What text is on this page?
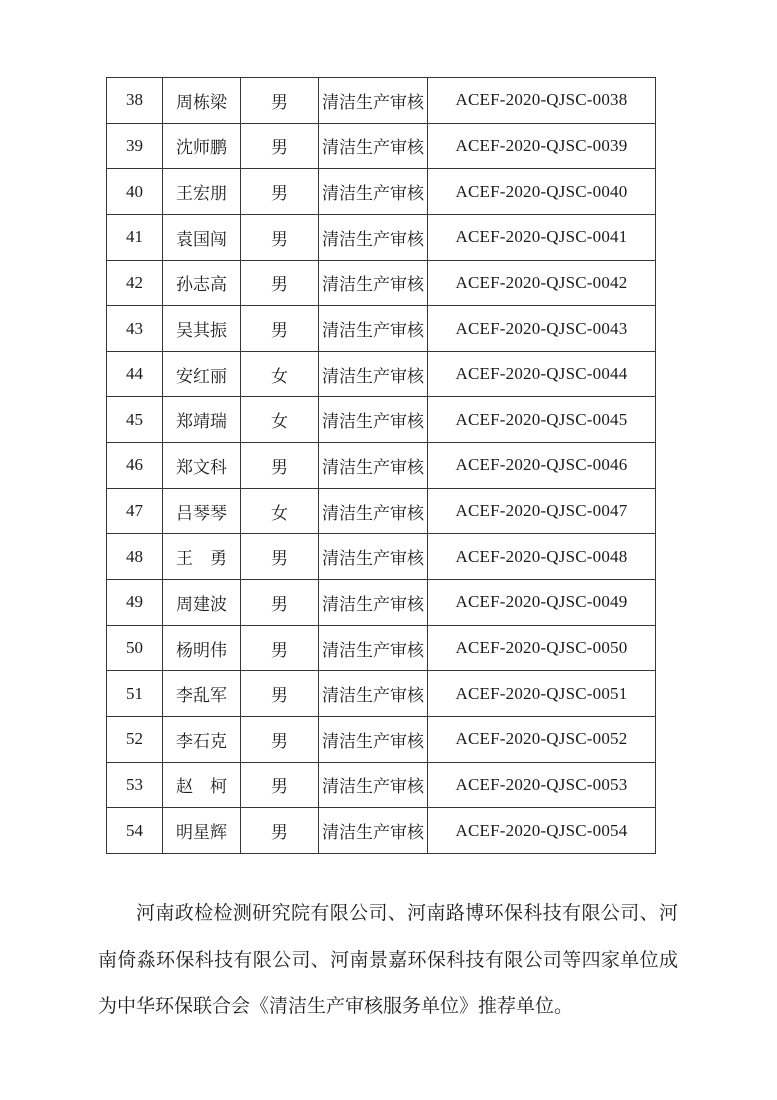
38	周栋梁	男	清洁生产审核	ACEF-2020-QJSC-0038
39	沈师鹏	男	清洁生产审核	ACEF-2020-QJSC-0039
40	王宏朋	男	清洁生产审核	ACEF-2020-QJSC-0040
41	袁国闯	男	清洁生产审核	ACEF-2020-QJSC-0041
42	孙志高	男	清洁生产审核	ACEF-2020-QJSC-0042
43	吴其振	男	清洁生产审核	ACEF-2020-QJSC-0043
44	安红丽	女	清洁生产审核	ACEF-2020-QJSC-0044
45	郑靖瑞	女	清洁生产审核	ACEF-2020-QJSC-0045
46	郑文科	男	清洁生产审核	ACEF-2020-QJSC-0046
47	吕琴琴	女	清洁生产审核	ACEF-2020-QJSC-0047
48	王　勇	男	清洁生产审核	ACEF-2020-QJSC-0048
49	周建波	男	清洁生产审核	ACEF-2020-QJSC-0049
50	杨明伟	男	清洁生产审核	ACEF-2020-QJSC-0050
51	李乱军	男	清洁生产审核	ACEF-2020-QJSC-0051
52	李石克	男	清洁生产审核	ACEF-2020-QJSC-0052
53	赵　柯	男	清洁生产审核	ACEF-2020-QJSC-0053
54	明星辉	男	清洁生产审核	ACEF-2020-QJSC-0054

河南政检检测研究院有限公司、河南路博环保科技有限公司、河南倚淼环保科技有限公司、河南景嘉环保科技有限公司等四家单位成为中华环保联合会《清洁生产审核服务单位》推荐单位。
